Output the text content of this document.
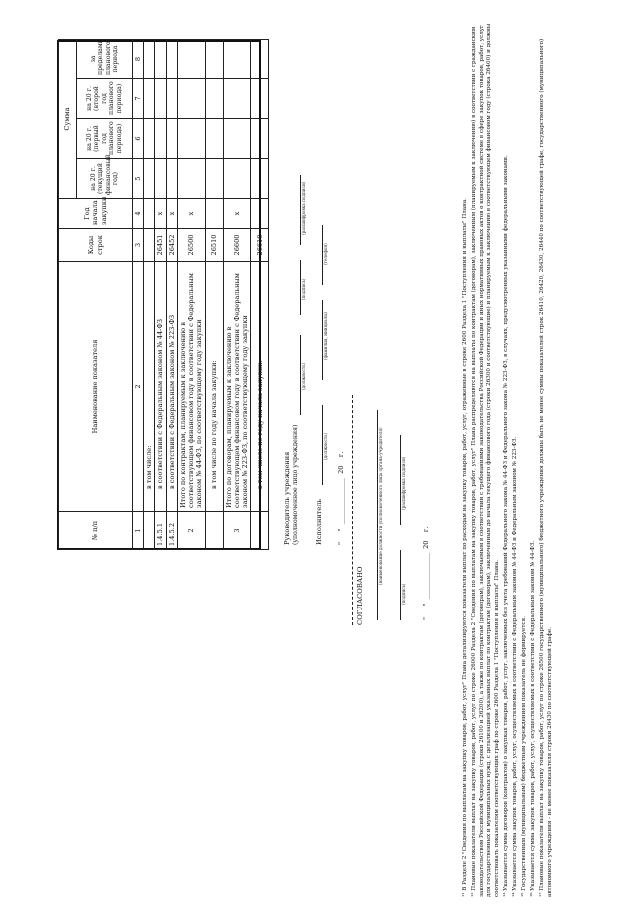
№ п/п	Наименование показателя	Коды строк	Год начала закупки	Сумма			
				на 20 г. (текущий финансовый год)	на 20 г. (первый год планового периода)	на 20 г. (второй год планового периода)	за пределами планового периода
1	2	3	4	5	6	7	8
	в том числе:						
1.4.5.1	в соответствии с Федеральным законом № 44-ФЗ	26451	х				
1.4.5.2	в соответствии с Федеральным законом № 223-ФЗ	26452	х				
2	Итого по контрактам, планируемым к заключению в соответствующем финансовом году в соответствии с Федеральным законом № 44-ФЗ, по соответствующему году закупки	26500	х				
	в том числе по году начала закупки:	26510					
3	Итого по договорам, планируемым к заключению в соответствующем финансовом году в соответствии с Федеральным законом № 223-ФЗ, по соответствующему году закупки	26600	х				
	в том числе по году начала закупки:	26610					
Руководитель учреждения (уполномоченное лицо учреждения)
(должность)
(подпись)
(расшифровка подписи)
Исполнитель
(должность)
(фамилия, инициалы)
(телефон)
"     "  ______________  20    г.
СОГЛАСОВАНО
(наименование должности уполномоченного лица органа-учредителя)
(подпись)
(расшифровка подписи)
"     "  ______________  20    г.	¹¹ В Разделе 2 "Сведения по выплатам на закупку товаров, работ, услуг" Плана детализируются показатели выплат по расходам на закупку товаров, работ, услуг, отраженные в строке 2600 Раздела 1 "Поступления и выплаты" Плана. ¹² Плановые показатели выплат на закупку товаров, работ, услуг по строке 26000 Раздела 2 "Сведения по выплатам на закупку товаров, работ, услуг" Плана распределяются на выплаты по контрактам (договорам), заключенным (планируемым к заключению) в соответствии с гражданским законодательством Российской Федерации (строки 26100 и 26200), а также по контрактам (договорам), заключаемым в соответствии с требованиями законодательства Российской Федерации и иных нормативных правовых актов о контрактной системе в сфере закупок товаров, работ, услуг для государственных и муниципальных нужд, с детализацией указанных выплат по контрактам (договорам), заключенным до начала текущего финансового года (строки 26300 и соответствующие) и планируемым к заключению в соответствующем финансовом году (строка 26400) и должны соответствовать показателям соответствующих граф по строке 2600 Раздела 1 "Поступления и выплаты" Плана. ¹³ Указывается сумма договоров (контрактов) о закупках товаров, работ, услуг, заключенных без учета требований Федерального закона № 44-ФЗ и Федерального закона № 223-ФЗ, в случаях, предусмотренных указанными федеральными законами. ¹⁴ Указывается сумма закупок товаров, работ, услуг, осуществляемых в соответствии с Федеральным законом № 44-ФЗ и Федеральным законом № 223-ФЗ. ¹⁵ Государственным (муниципальным) бюджетным учреждением показатель не формируется. ¹⁶ Указывается сумма закупок товаров, работ, услуг, осуществляемых в соответствии с Федеральным законом № 44-ФЗ. ¹⁷ Плановые показатели выплат на закупку товаров, работ, услуг по строке 26500 государственного (муниципального) бюджетного учреждения должны быть не менее суммы показателей строк 26410, 26420, 26430, 26440 по соответствующей графе, государственного (муниципального) автономного учреждения - не менее показателя строки 26430 по соответствующей графе.
